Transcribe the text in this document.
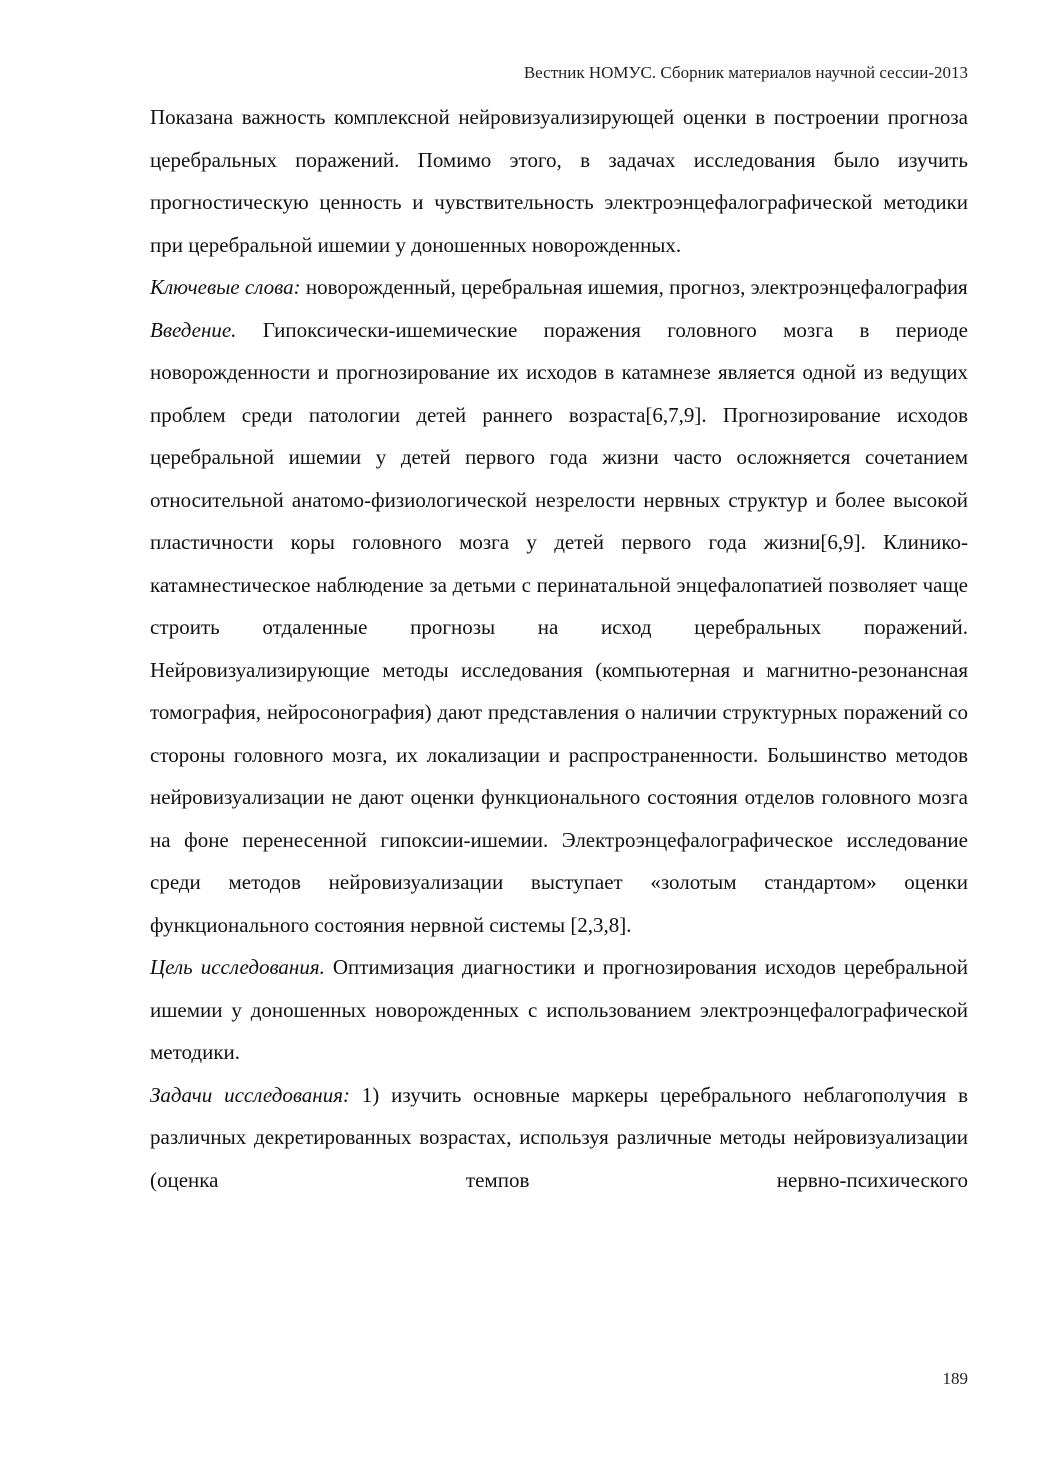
Вестник НОМУС. Сборник материалов научной сессии-2013

Показана важность комплексной нейровизуализирующей оценки в построении прогноза церебральных поражений. Помимо этого, в задачах исследования было изучить прогностическую ценность и чувствительность электроэнцефалографической методики при церебральной ишемии у доношенных новорожденных.

Ключевые слова: новорожденный, церебральная ишемия, прогноз, электроэнцефалография

Введение. Гипоксически-ишемические поражения головного мозга в периоде новорожденности и прогнозирование их исходов в катамнезе является одной из ведущих проблем среди патологии детей раннего возраста[6,7,9]. Прогнозирование исходов церебральной ишемии у детей первого года жизни часто осложняется сочетанием относительной анатомо-физиологической незрелости нервных структур и более высокой пластичности коры головного мозга у детей первого года жизни[6,9]. Клинико-катамнестическое наблюдение за детьми с перинатальной энцефалопатией позволяет чаще строить отдаленные прогнозы на исход церебральных поражений. Нейровизуализирующие методы исследования (компьютерная и магнитно-резонансная томография, нейросонография) дают представления о наличии структурных поражений со стороны головного мозга, их локализации и распространенности. Большинство методов нейровизуализации не дают оценки функционального состояния отделов головного мозга на фоне перенесенной гипоксии-ишемии. Электроэнцефалографическое исследование среди методов нейровизуализации выступает «золотым стандартом» оценки функционального состояния нервной системы [2,3,8].

Цель исследования. Оптимизация диагностики и прогнозирования исходов церебральной ишемии у доношенных новорожденных с использованием электроэнцефалографической методики.

Задачи исследования: 1) изучить основные маркеры церебрального неблагополучия в различных декретированных возрастах, используя различные методы нейровизуализации (оценка темпов нервно-психического

189
